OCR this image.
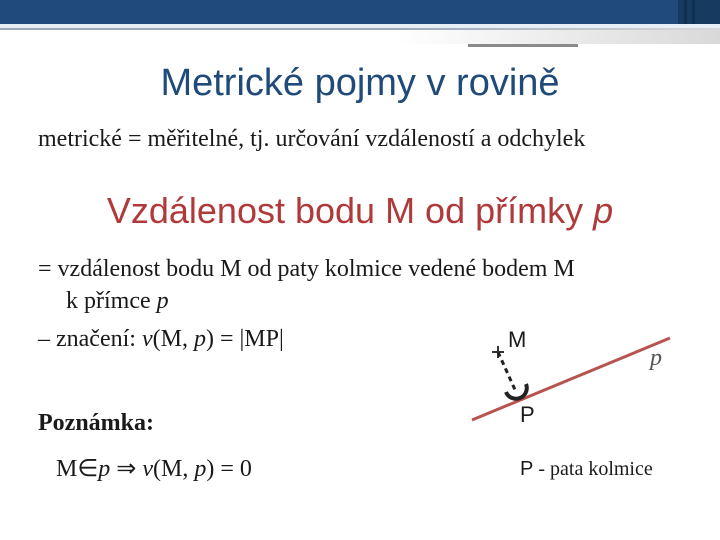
Metrické pojmy v rovině
metrické = měřitelné, tj. určování vzdáleností a odchylek
Vzdálenost bodu M od přímky p
= vzdálenost bodu M od paty kolmice vedené bodem M
k přímce p
– značení: v(M, p) = |MP|
Poznámka:
M∈p ⇒ v(M, p) = 0
M
p
P
P - pata kolmice
